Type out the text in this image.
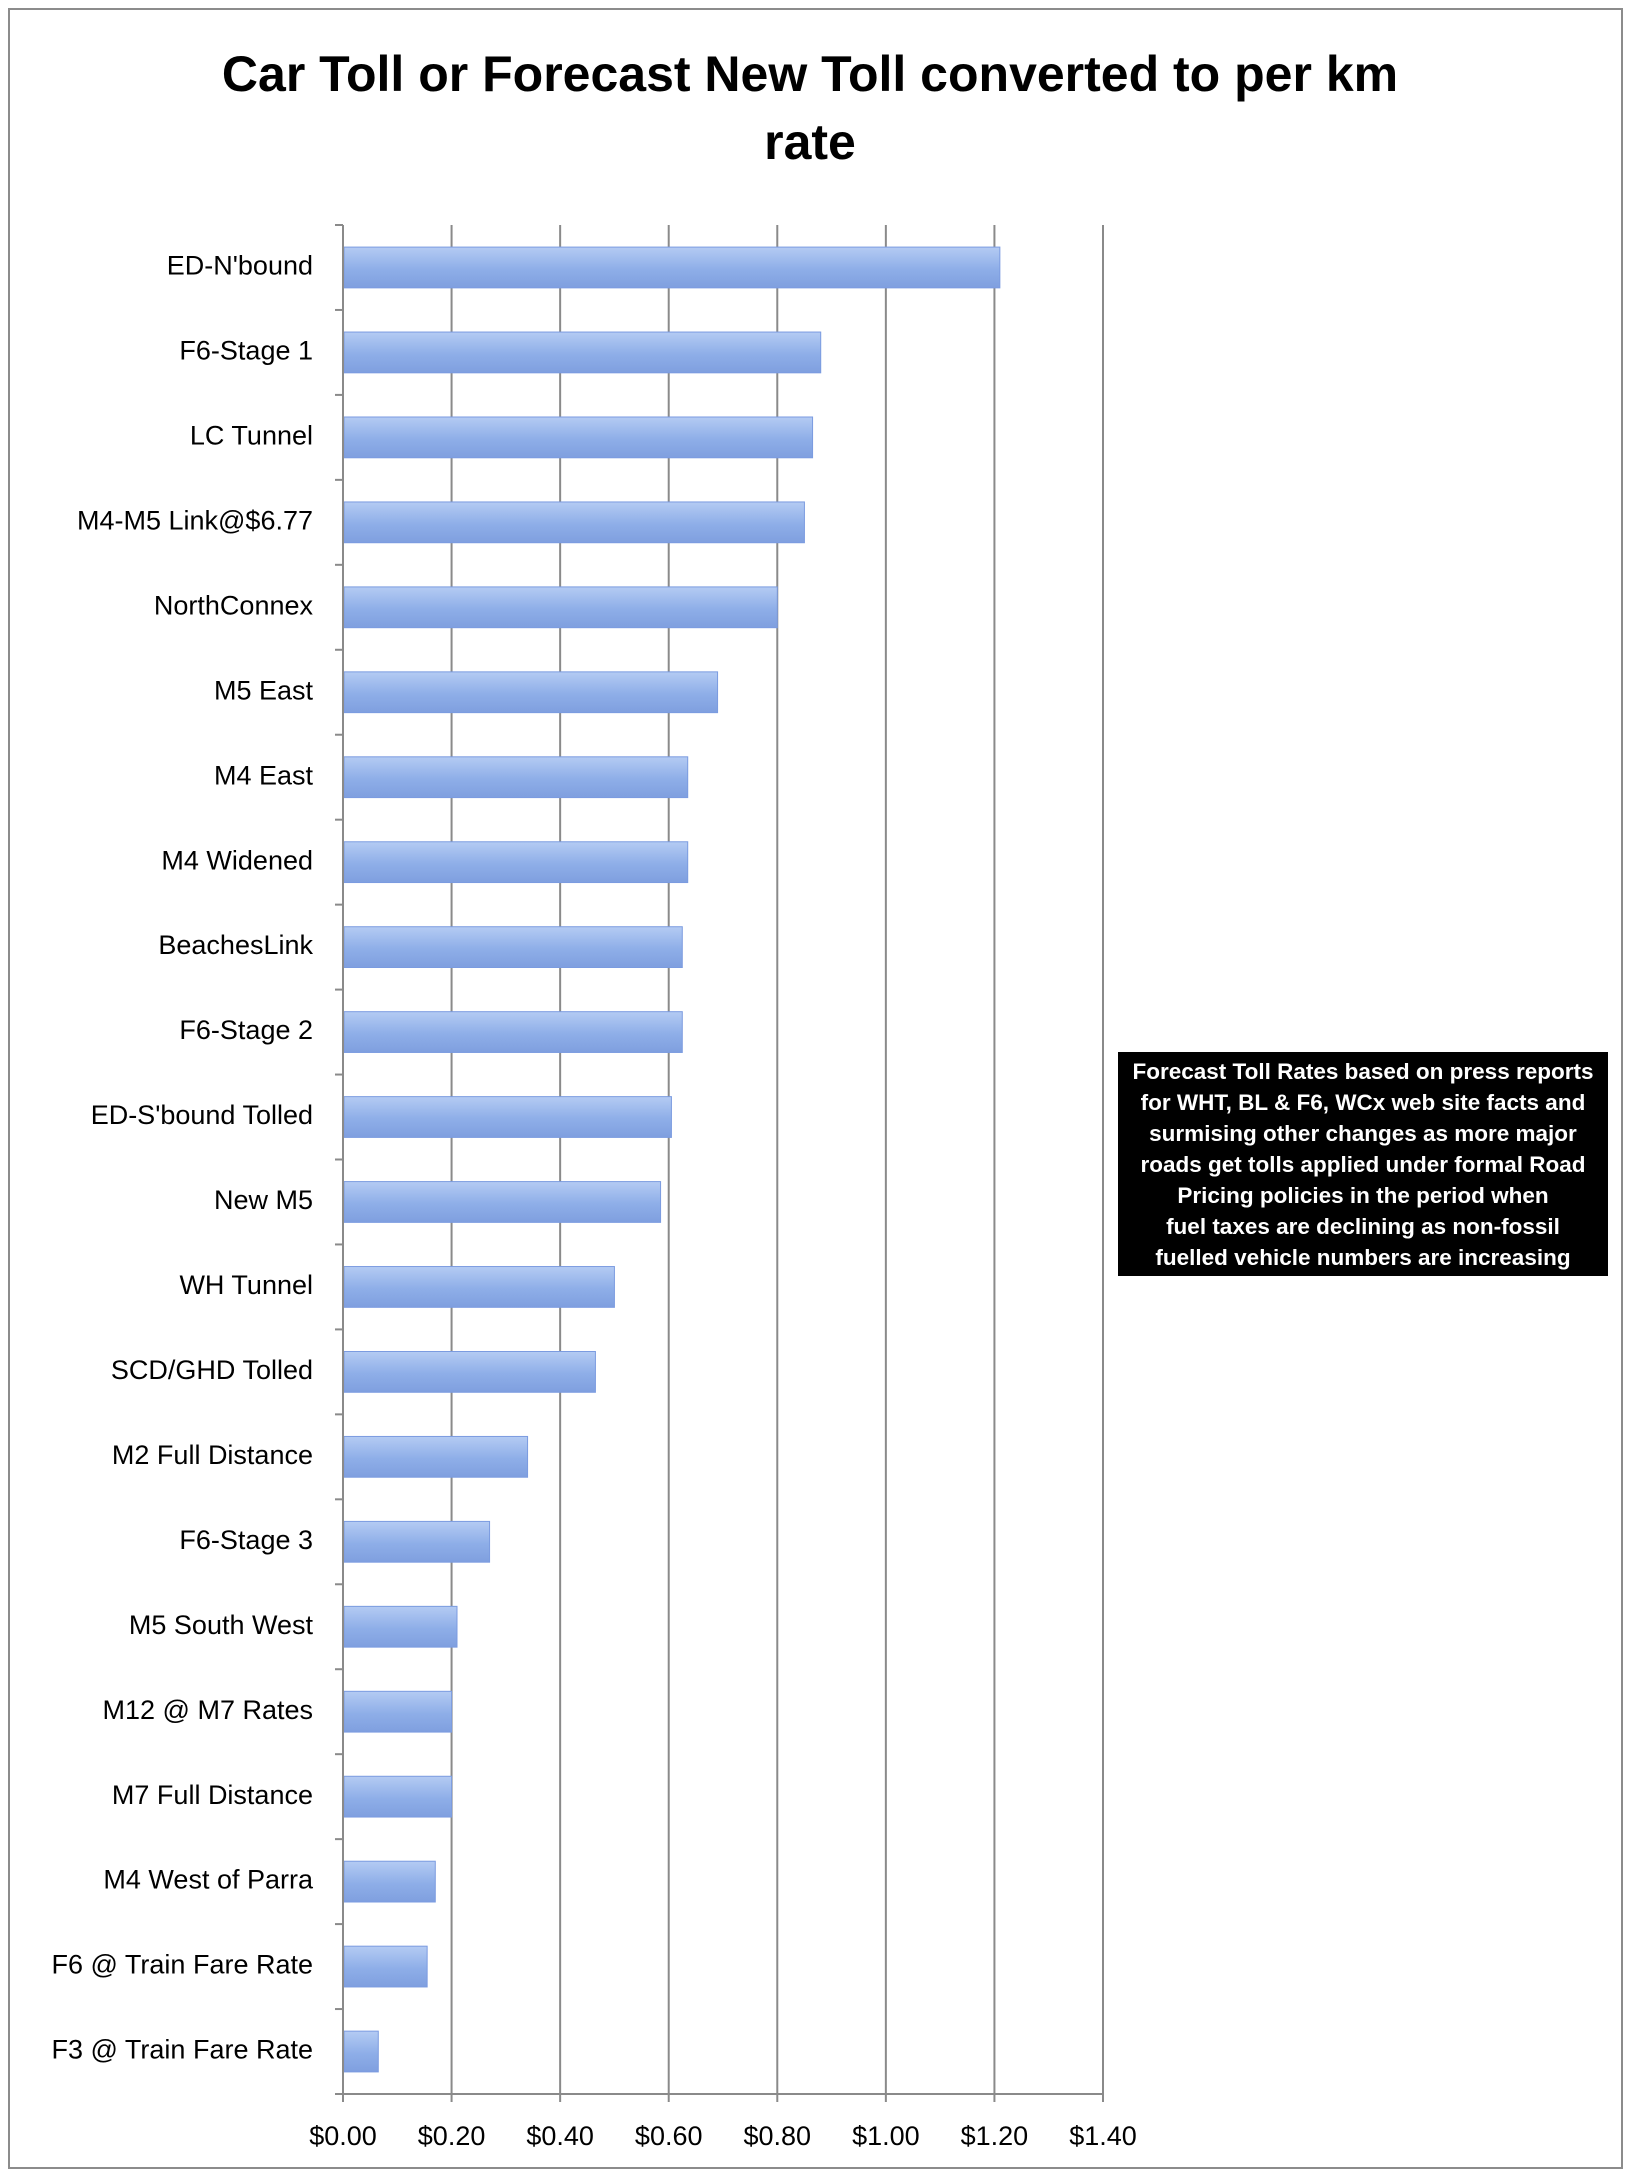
Car Toll or Forecast New Toll converted to per km
rate
ED-N'bound
F6-Stage 1
LC Tunnel
M4-M5 Link@$6.77
NorthConnex
M5 East
M4 East
M4 Widened
BeachesLink
F6-Stage 2
ED-S'bound Tolled
New M5
WH Tunnel
SCD/GHD Tolled
M2 Full Distance
F6-Stage 3
M5 South West
M12 @ M7 Rates
M7 Full Distance
M4 West of Parra
F6 @ Train Fare Rate
F3 @ Train Fare Rate
$0.00 $0.20 $0.40 $0.60 $0.80 $1.00 $1.20 $1.40
Forecast Toll Rates based on press reports
for WHT, BL & F6, WCx web site facts and
surmising other changes as more major
roads get tolls applied under formal Road
Pricing policies in the period when
fuel taxes are declining as non-fossil
fuelled vehicle numbers are increasing
